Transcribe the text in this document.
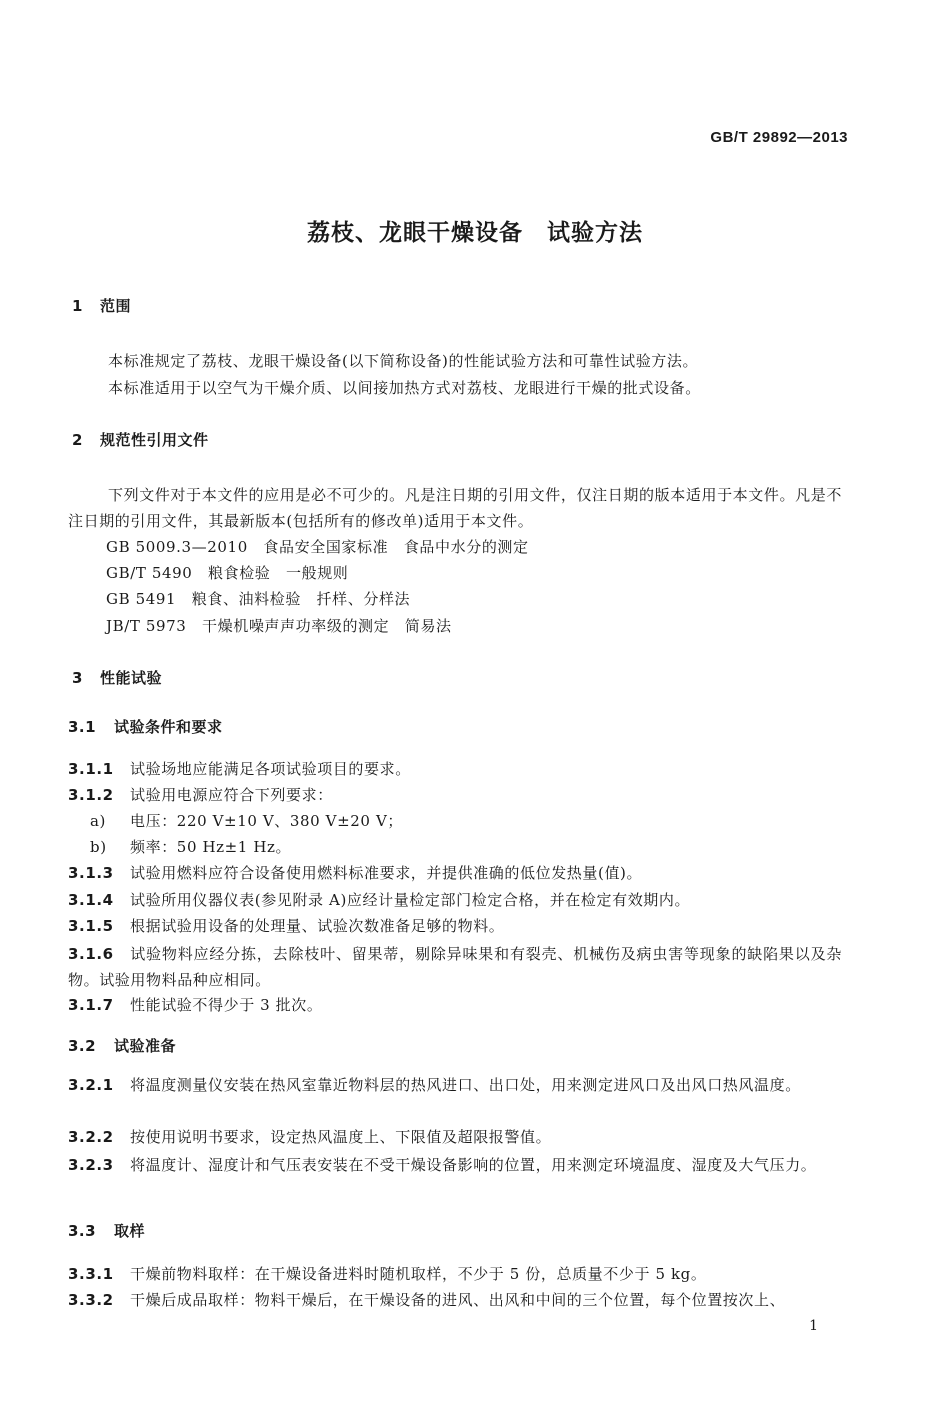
GB/T 29892—2013
荔枝、龙眼干燥设备　试验方法
1 范围
本标准规定了荔枝、龙眼干燥设备(以下简称设备)的性能试验方法和可靠性试验方法。
本标准适用于以空气为干燥介质、以间接加热方式对荔枝、龙眼进行干燥的批式设备。
2 规范性引用文件
下列文件对于本文件的应用是必不可少的。凡是注日期的引用文件，仅注日期的版本适用于本文件。凡是不注日期的引用文件，其最新版本(包括所有的修改单)适用于本文件。
GB 5009.3—2010　食品安全国家标准　食品中水分的测定
GB/T 5490　粮食检验　一般规则
GB 5491　粮食、油料检验　扦样、分样法
JB/T 5973　干燥机噪声声功率级的测定　简易法
3 性能试验
3.1 试验条件和要求
3.1.1 试验场地应能满足各项试验项目的要求。
3.1.2 试验用电源应符合下列要求：
a) 电压：220 V±10 V、380 V±20 V；
b) 频率：50 Hz±1 Hz。
3.1.3 试验用燃料应符合设备使用燃料标准要求，并提供准确的低位发热量(值)。
3.1.4 试验所用仪器仪表(参见附录 A)应经计量检定部门检定合格，并在检定有效期内。
3.1.5 根据试验用设备的处理量、试验次数准备足够的物料。
3.1.6 试验物料应经分拣，去除枝叶、留果蒂，剔除异味果和有裂壳、机械伤及病虫害等现象的缺陷果以及杂物。试验用物料品种应相同。
3.1.7 性能试验不得少于 3 批次。
3.2 试验准备
3.2.1 将温度测量仪安装在热风室靠近物料层的热风进口、出口处，用来测定进风口及出风口热风温度。
3.2.2 按使用说明书要求，设定热风温度上、下限值及超限报警值。
3.2.3 将温度计、湿度计和气压表安装在不受干燥设备影响的位置，用来测定环境温度、湿度及大气压力。
3.3 取样
3.3.1 干燥前物料取样：在干燥设备进料时随机取样，不少于 5 份，总质量不少于 5 kg。
3.3.2 干燥后成品取样：物料干燥后，在干燥设备的进风、出风和中间的三个位置，每个位置按次上、
1
